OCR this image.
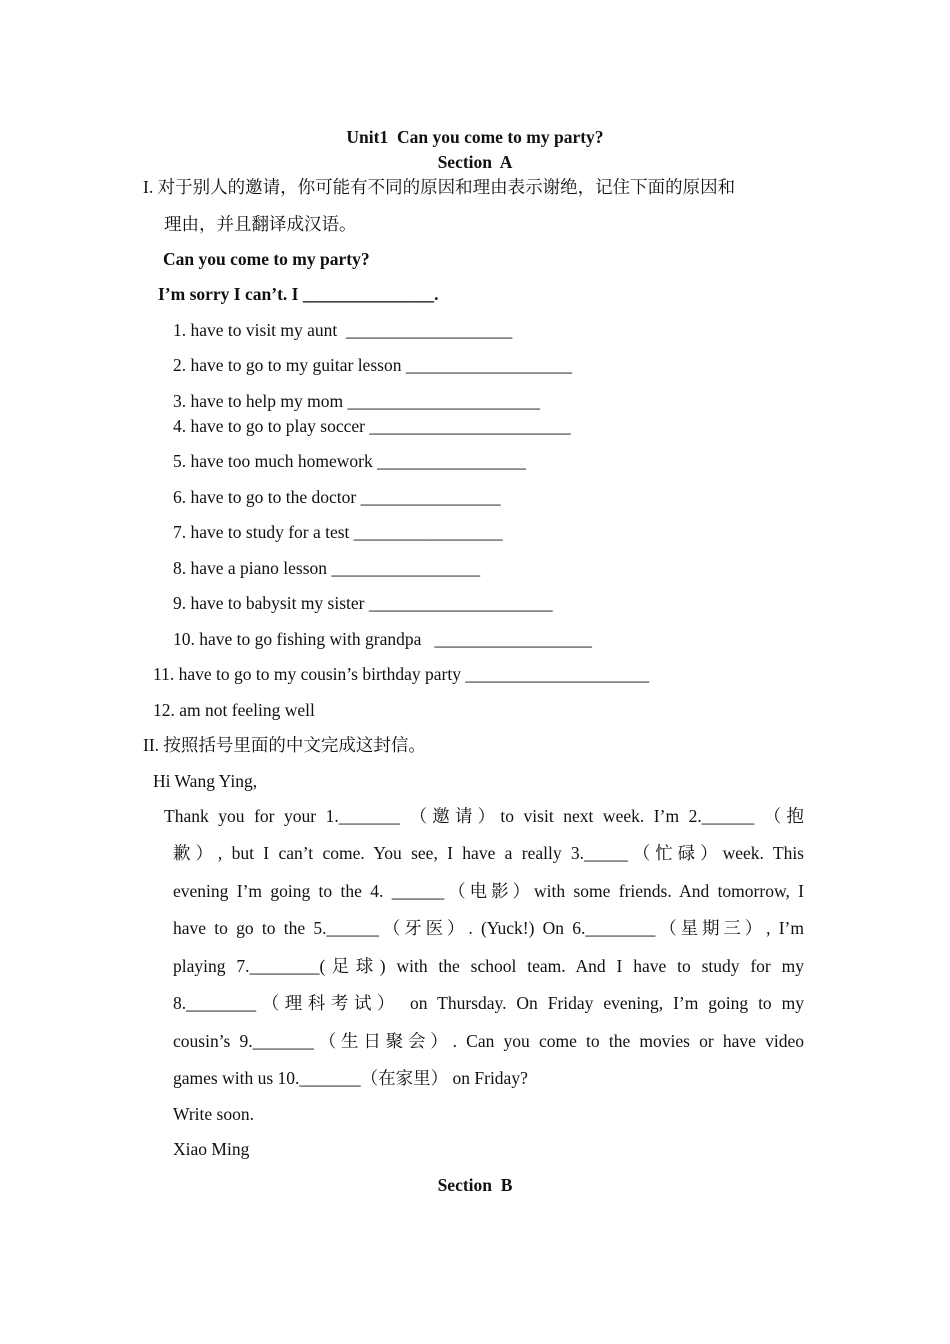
Unit1  Can you come to my party?
Section  A
I. 对于别人的邀请，你可能有不同的原因和理由表示谢绝，记住下面的原因和
理由，并且翻译成汉语。
Can you come to my party?
I’m sorry I can’t. I _______________.
1. have to visit my aunt  ___________________
2. have to go to my guitar lesson ___________________
3. have to help my mom ______________________
4. have to go to play soccer _______________________
5. have too much homework _________________
6. have to go to the doctor ________________
7. have to study for a test _________________
8. have a piano lesson _________________
9. have to babysit my sister _____________________
10. have to go fishing with grandpa   __________________
11. have to go to my cousin’s birthday party _____________________
12. am not feeling well
II. 按照括号里面的中文完成这封信。
Hi Wang Ying,
Thank you for your 1._______ （邀请）to visit next week. I’m 2.______ （抱
歉）, but I can’t come. You see, I have a really 3._____（忙碌）week. This
evening I’m going to the 4. ______（电影）with some friends. And tomorrow, I
have to go to the 5.______（牙医）. (Yuck!) On 6.________（星期三）, I’m
playing 7.________(足球) with the school team. And I have to study for my
8.________（理科考试） on Thursday. On Friday evening, I’m going to my
cousin’s 9._______（生日聚会）. Can you come to the movies or have video
games with us 10._______（在家里） on Friday?
Write soon.
Xiao Ming
Section  B
